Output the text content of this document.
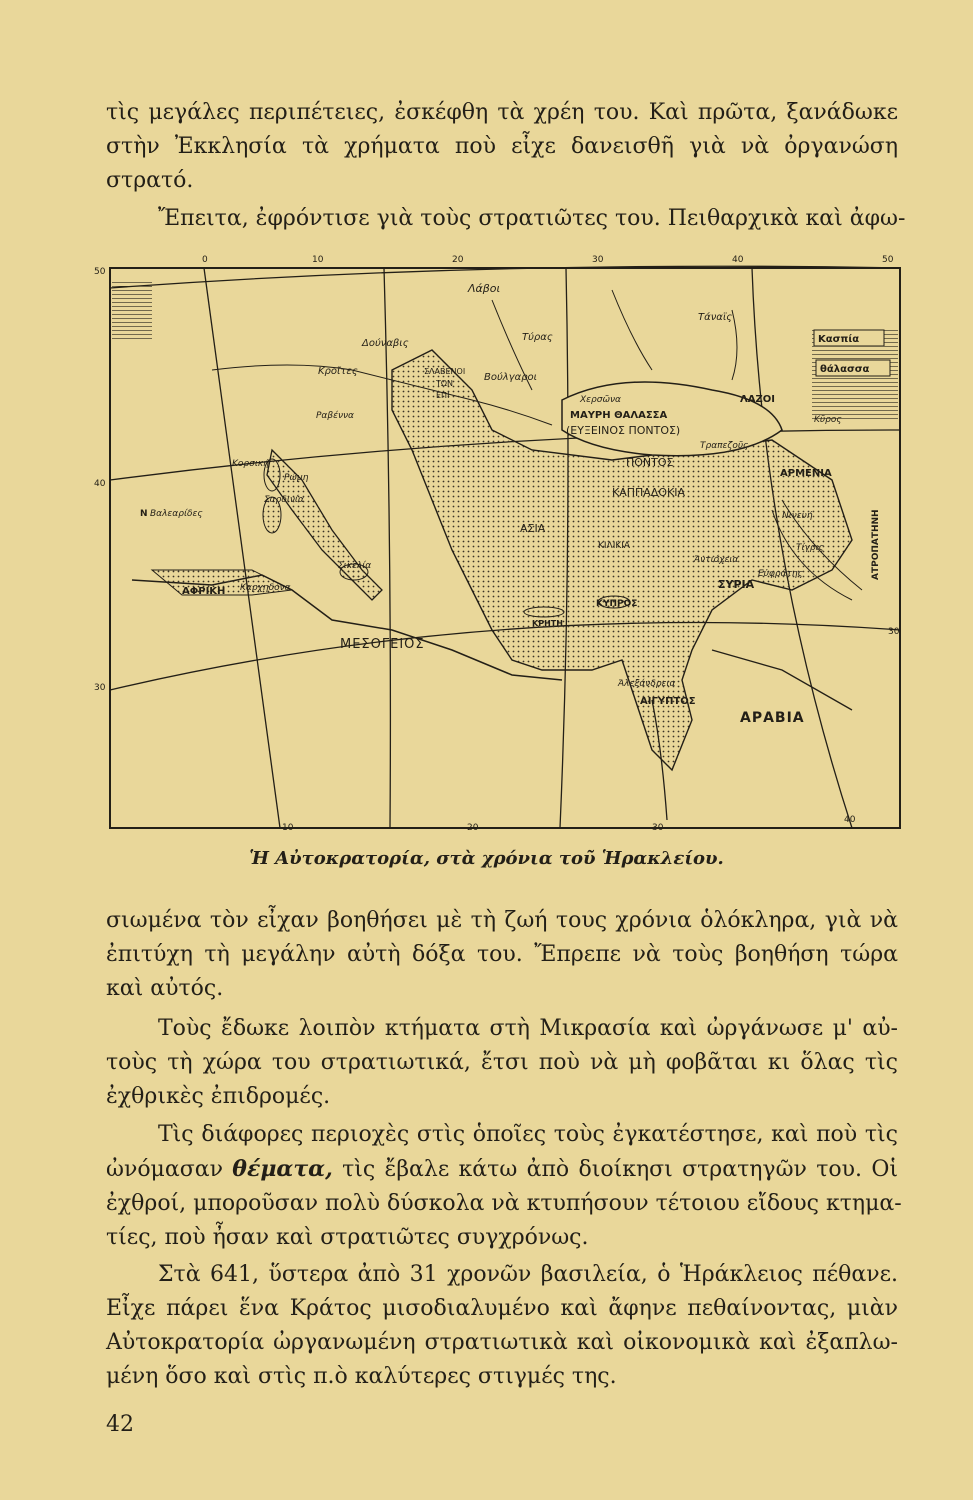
τὶς μεγάλες περιπέτειες, ἐσκέφθη τὰ χρέη του. Καὶ πρῶτα, ξανάδωκε
στὴν Ἐκκλησία τὰ χρήματα ποὺ εἶχε δανεισθῆ γιὰ νὰ ὀργανώση
στρατό.

Ἔπειτα, ἐφρόντισε γιὰ τοὺς στρατιῶτες του. Πειθαρχικὰ καὶ ἀφω-

0	10	20	30	40	50
10	20	30
40
50
40
30
30
Λάβοι
Τύρας
Τάναϊς
Κασπία
θάλασσα
Δούναβις
Κροῖτες	ΣΛΑΒΕΝΟΙ
ΤΩΝ
ΕΠΙ
Βούλγαροι
ΜΑΥΡΗ ΘΑΛΑΣΣΑ
(ΕΥΞΕΙΝΟΣ ΠΟΝΤΟΣ)
Χερσῶνα	ΛΑΖΟΙ
Κῦρος
Τραπεζοῦς
ΠΟΝΤΟΣ
ΑΡΜΕΝΙΑ
ΚΑΠΠΑΔΟΚΙΑ
ΑΣΙΑ
ΚΙΛΙΚΙΑ
Ἀντιόχεια
ΣΥΡΙΑ
Νινευή
Τίγρις
Εὐφράτης	ΑΤΡΟΠΑΤΗΝΗ
ΚΥΠΡΟΣ
ΚΡΗΤΗ
ΜΕΣΟΓΕΙΟΣ
Ἀλεξάνδρεια
ΑΙΓΥΠΤΟΣ
ΑΡΑΒΙΑ
ΑΦΡΙΚΗ Καρχηδόνα
Σικελία
Σαρδινία
Κορσική
Ρώμη
Ραβέννα
Βαλεαρίδες
Ν
Ἡ Αὐτοκρατορία, στὰ χρόνια τοῦ Ἡρακλείου.

σιωμένα τὸν εἶχαν βοηθήσει μὲ τὴ ζωή τους χρόνια ὁλόκληρα, γιὰ νὰ
ἐπιτύχη τὴ μεγάλην αὐτὴ δόξα του. Ἔπρεπε νὰ τοὺς βοηθήση τώρα
καὶ αὐτός.

Τοὺς ἔδωκε λοιπὸν κτήματα στὴ Μικρασία καὶ ὠργάνωσε μ' αὐ-
τοὺς τὴ χώρα του στρατιωτικά, ἔτσι ποὺ νὰ μὴ φοβᾶται κι ὅλας τὶς
ἐχθρικὲς ἐπιδρομές.

Τὶς διάφορες περιοχὲς στὶς ὁποῖες τοὺς ἐγκατέστησε, καὶ ποὺ τὶς
ὠνόμασαν θέματα, τὶς ἔβαλε κάτω ἀπὸ διοίκησι στρατηγῶν του. Οἱ
ἐχθροί, μποροῦσαν πολὺ δύσκολα νὰ κτυπήσουν τέτοιου εἴδους κτημα-
τίες, ποὺ ἦσαν καὶ στρατιῶτες συγχρόνως.

Στὰ 641, ὕστερα ἀπὸ 31 χρονῶν βασιλεία, ὁ Ἡράκλειος πέθανε.
Εἶχε πάρει ἕνα Κράτος μισοδιαλυμένο καὶ ἄφηνε πεθαίνοντας, μιὰν
Αὐτοκρατορία ὠργανωμένη στρατιωτικὰ καὶ οἰκονομικὰ καὶ ἐξαπλω-
μένη ὅσο καὶ στὶς π.ὸ καλύτερες στιγμές της.

42
